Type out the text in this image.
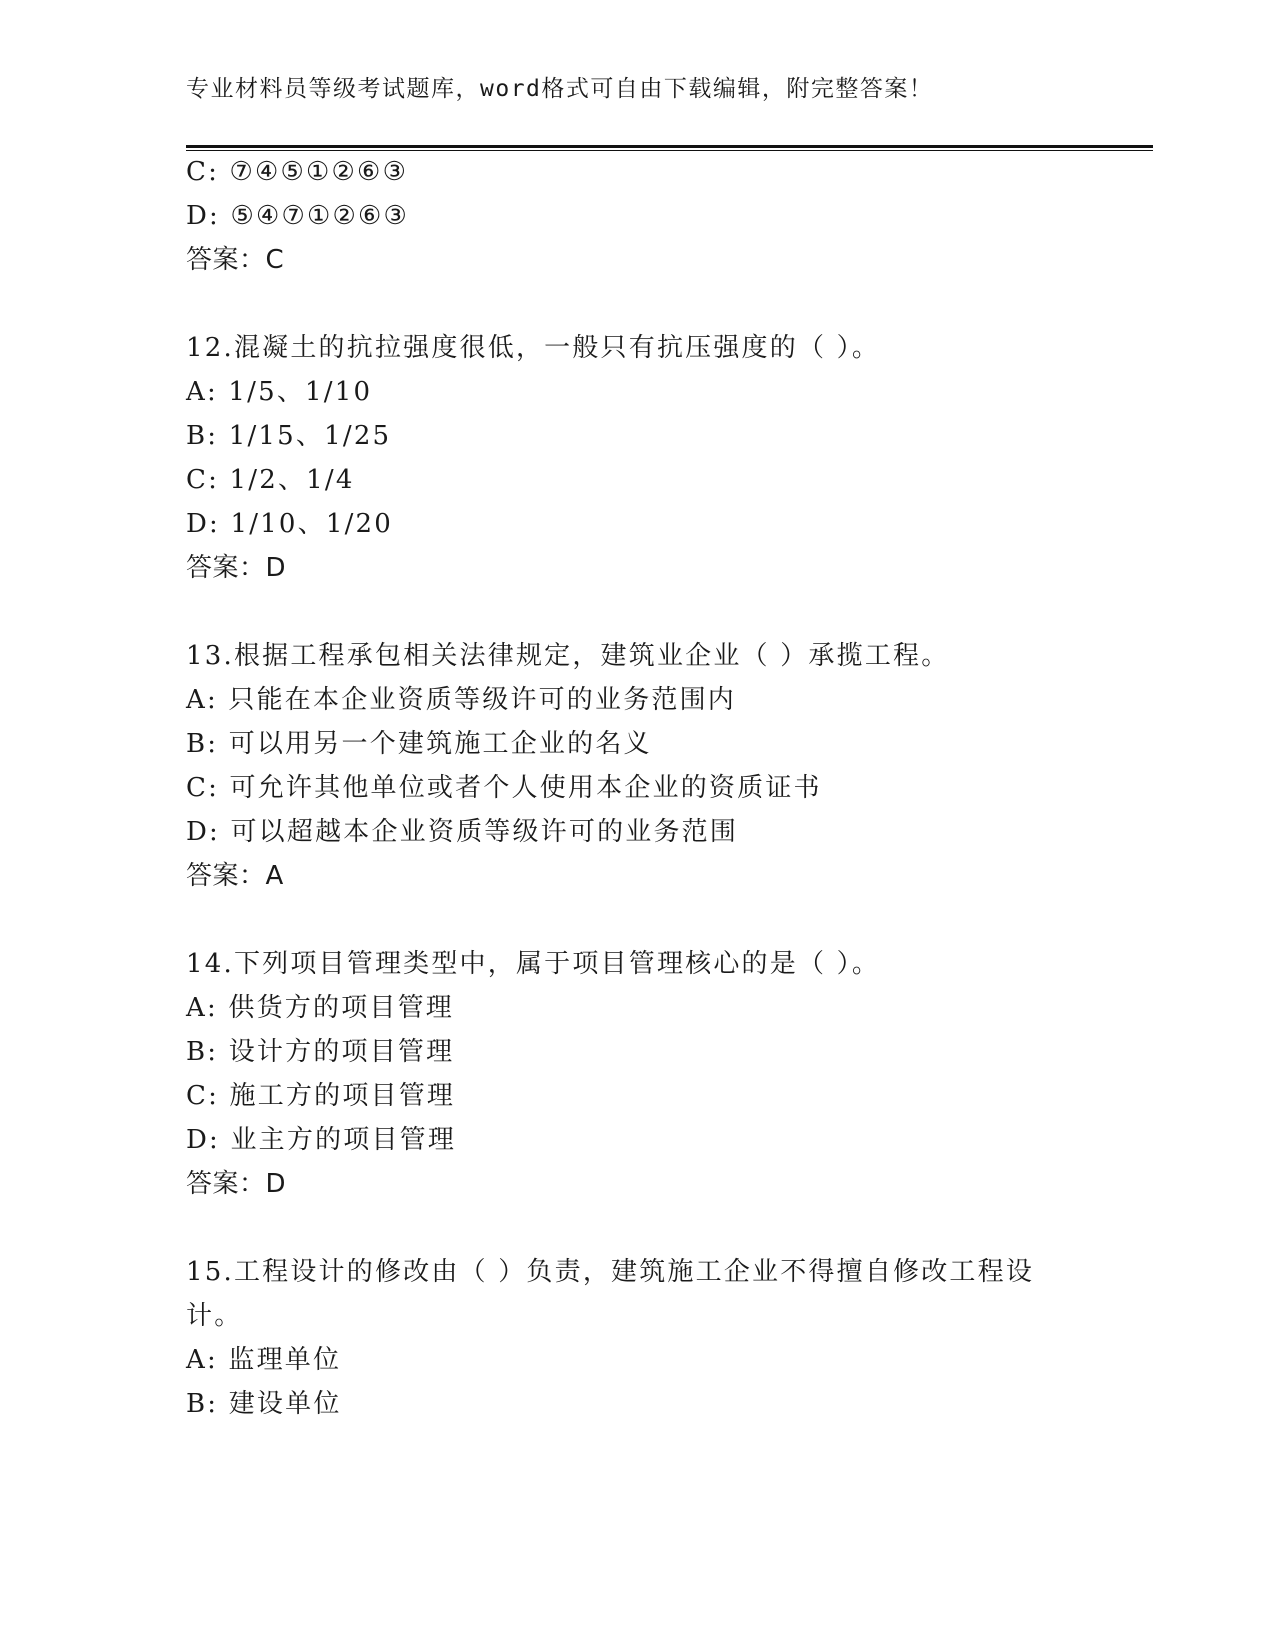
专业材料员等级考试题库，word格式可自由下载编辑，附完整答案！
C: ⑦④⑤①②⑥③
D: ⑤④⑦①②⑥③
答案：C
12.混凝土的抗拉强度很低，一般只有抗压强度的（ ）。
A: 1/5、1/10
B: 1/15、1/25
C: 1/2、1/4
D: 1/10、1/20
答案：D
13.根据工程承包相关法律规定，建筑业企业（ ）承揽工程。
A: 只能在本企业资质等级许可的业务范围内
B: 可以用另一个建筑施工企业的名义
C: 可允许其他单位或者个人使用本企业的资质证书
D: 可以超越本企业资质等级许可的业务范围
答案：A
14.下列项目管理类型中，属于项目管理核心的是（ ）。
A: 供货方的项目管理
B: 设计方的项目管理
C: 施工方的项目管理
D: 业主方的项目管理
答案：D
15.工程设计的修改由（ ）负责，建筑施工企业不得擅自修改工程设
计。
A: 监理单位
B: 建设单位
